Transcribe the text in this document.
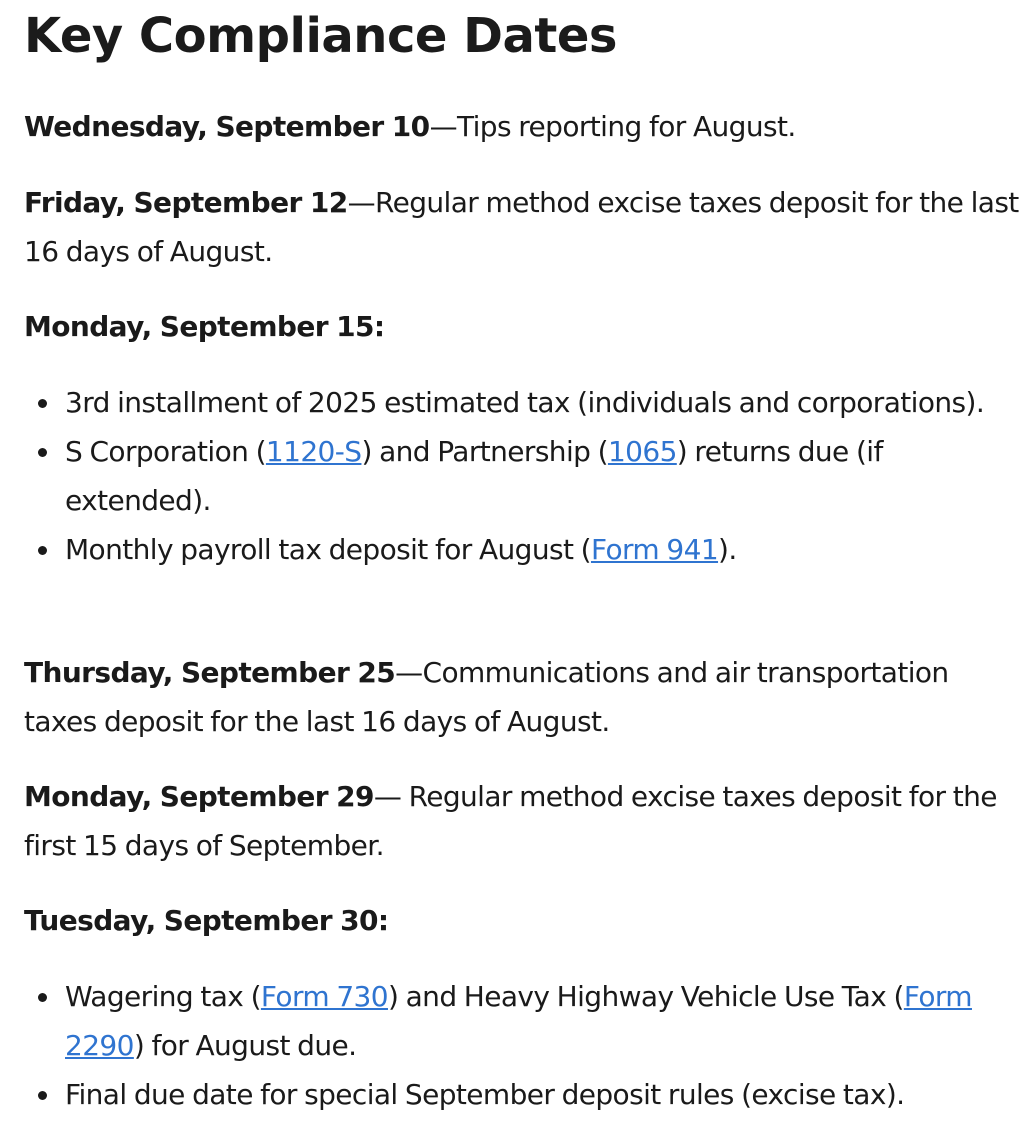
Key Compliance Dates

Wednesday, September 10—Tips reporting for August.

Friday, September 12—Regular method excise taxes deposit for the last 16 days of August.

Monday, September 15:

3rd installment of 2025 estimated tax (individuals and corporations).
S Corporation (1120-S) and Partnership (1065) returns due (if extended).
Monthly payroll tax deposit for August (Form 941).

Thursday, September 25—Communications and air transportation taxes deposit for the last 16 days of August.

Monday, September 29— Regular method excise taxes deposit for the first 15 days of September.

Tuesday, September 30:

Wagering tax (Form 730) and Heavy Highway Vehicle Use Tax (Form 2290) for August due.
Final due date for special September deposit rules (excise tax).
